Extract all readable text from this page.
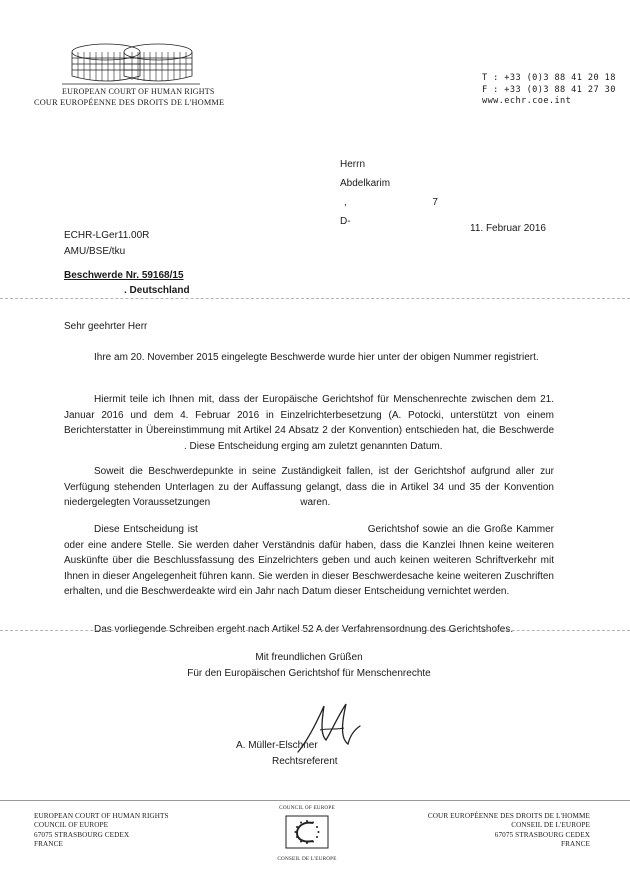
EUROPEAN COURT OF HUMAN RIGHTS
COUR EUROPÉENNE DES DROITS DE L'HOMME
T : +33 (0)3 88 41 20 18
F : +33 (0)3 88 41 27 30
www.echr.coe.int
Herrn
Abdelkarim
,	7
D-
ECHR-LGer11.00R
AMU/BSE/tku
11. Februar 2016
Beschwerde Nr. 59168/15
. Deutschland
Sehr geehrter Herr
Ihre am 20. November 2015 eingelegte Beschwerde wurde hier unter der obigen Nummer registriert.
Hiermit teile ich Ihnen mit, dass der Europäische Gerichtshof für Menschenrechte zwischen dem 21. Januar 2016 und dem 4. Februar 2016 in Einzelrichterbesetzung (A. Potocki, unterstützt von einem Berichterstatter in Übereinstimmung mit Artikel 24 Absatz 2 der Konvention) entschieden hat, die Beschwerde. Diese Entscheidung erging am zuletzt genannten Datum.
Soweit die Beschwerdepunkte in seine Zuständigkeit fallen, ist der Gerichtshof aufgrund aller zur Verfügung stehenden Unterlagen zu der Auffassung gelangt, dass die in Artikel 34 und 35 der Konvention niedergelegten Voraussetzungen	waren.
Diese Entscheidung ist	Gerichtshof sowie an die Große Kammer oder eine andere Stelle. Sie werden daher Verständnis dafür haben, dass die Kanzlei Ihnen keine weiteren Auskünfte über die Beschlussfassung des Einzelrichters geben und auch keinen weiteren Schriftverkehr mit Ihnen in dieser Angelegenheit führen kann. Sie werden in dieser Beschwerdesache keine weiteren Zuschriften erhalten, und die Beschwerdeakte wird ein Jahr nach Datum dieser Entscheidung vernichtet werden.
Das vorliegende Schreiben ergeht nach Artikel 52 A der Verfahrensordnung des Gerichtshofes.
Mit freundlichen Grüßen
Für den Europäischen Gerichtshof für Menschenrechte
A. Müller-Elschner
Rechtsreferent
EUROPEAN COURT OF HUMAN RIGHTS
COUNCIL OF EUROPE
67075 STRASBOURG CEDEX
FRANCE
COUNCIL OF EUROPE
CONSEIL DE L'EUROPE
COUR EUROPÉENNE DES DROITS DE L'HOMME
CONSEIL DE L'EUROPE
67075 STRASBOURG CEDEX
FRANCE
